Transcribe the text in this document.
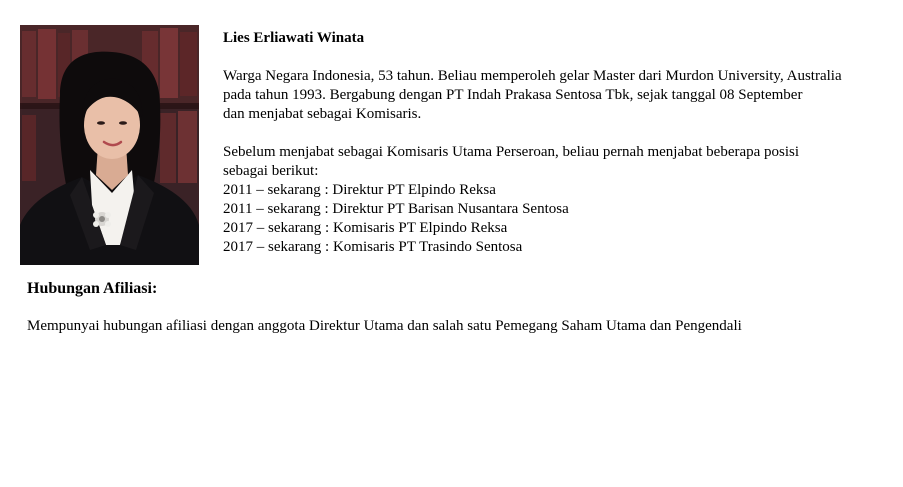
Lies Erliawati Winata
Warga Negara Indonesia, 53 tahun. Beliau memperoleh gelar Master dari Murdon University, Australia
pada tahun 1993. Bergabung dengan PT Indah Prakasa Sentosa Tbk, sejak tanggal 08 September
dan menjabat sebagai Komisaris.
Sebelum menjabat sebagai Komisaris Utama Perseroan, beliau pernah menjabat beberapa posisi
sebagai berikut:
2011 – sekarang : Direktur PT Elpindo Reksa
2011 – sekarang : Direktur PT Barisan Nusantara Sentosa
2017 – sekarang : Komisaris PT Elpindo Reksa
2017 – sekarang : Komisaris PT Trasindo Sentosa
Hubungan Afiliasi:

Mempunyai hubungan afiliasi dengan anggota Direktur Utama dan salah satu Pemegang Saham Utama dan Pengendali
